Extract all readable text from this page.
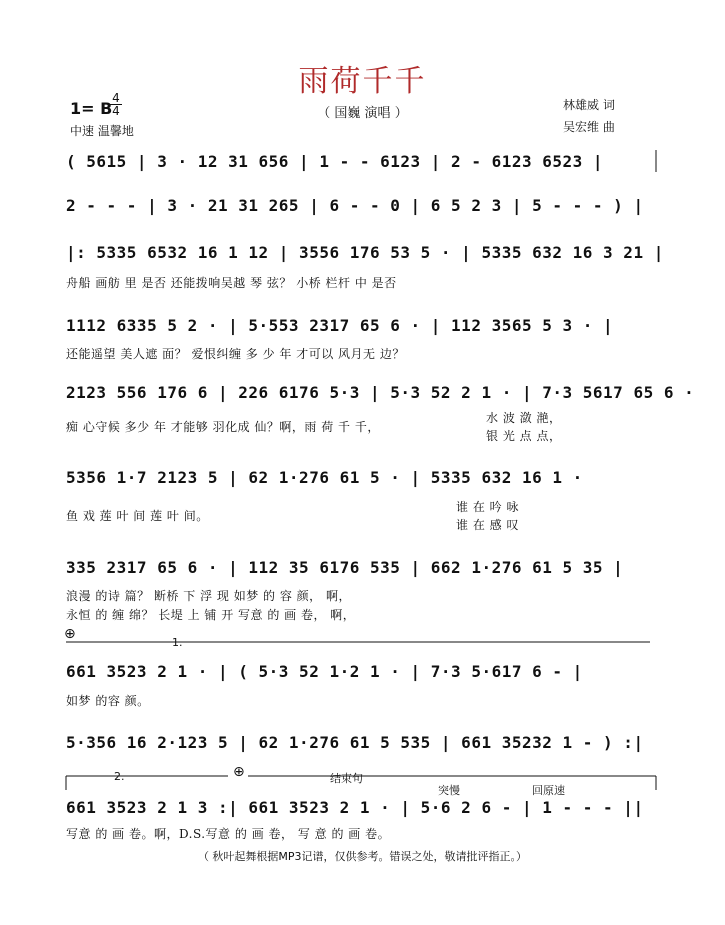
雨荷千千
（ 国巍 演唱 ）
1= B
4
4
中速 温馨地
林雄威 词
吴宏维 曲
( 5615 | 3 · 12 31 656 | 1 - - 6123 | 2 - 6123 6523 |
2 - - - | 3 · 21 31 265 | 6 - - 0 | 6 5 2 3 | 5 - - - ) |
|: 5335 6532 16 1 12 | 3556 176 53 5 · | 5335 632 16 3 21 |
舟船 画舫 里 是否 还能拨响吴越 琴 弦？ 小桥 栏杆 中 是否
1112 6335 5 2 · | 5·553 2317 65 6 · | 112 3565 5 3 · |
还能遥望 美人遮 面？ 爱恨纠缠 多 少 年 才可以 风月无 边？
2123 556 176 6 | 226 6176 5·3 | 5·3 52 2 1 · | 7·3 5617 65 6 ·
痴 心守候 多少 年 才能够 羽化成 仙？啊，雨 荷 千 千，
水 波 潋 滟，
银 光 点 点，
5356 1·7 2123 5 | 62 1·276 61 5 · | 5335 632 16 1 ·
鱼 戏 莲 叶 间 莲 叶 间。
谁 在 吟 咏
谁 在 感 叹
335 2317 65 6 · | 112 35 6176 535 | 662 1·276 61 5 35 |
浪漫 的诗 篇？ 断桥 下 浮 现 如梦 的 容 颜， 啊，
永恒 的 缠 绵？ 长堤 上 铺 开 写意 的 画 卷， 啊，
⊕
1.
661 3523 2 1 · | ( 5·3 52 1·2 1 · | 7·3 5·617 6 - |
如梦 的容 颜。
5·356 16 2·123 5 | 62 1·276 61 5 535 | 661 35232 1 - ) :|
2.	⊕	结束句
突慢	回原速
661 3523 2 1 3 :| 661 3523 2 1 · | 5·6 2 6 - | 1 - - - ||
写意 的 画 卷。啊，D.S.写意 的 画 卷， 写 意 的 画 卷。
（ 秋叶起舞根据MP3记谱，仅供参考。错误之处，敬请批评指正。）
